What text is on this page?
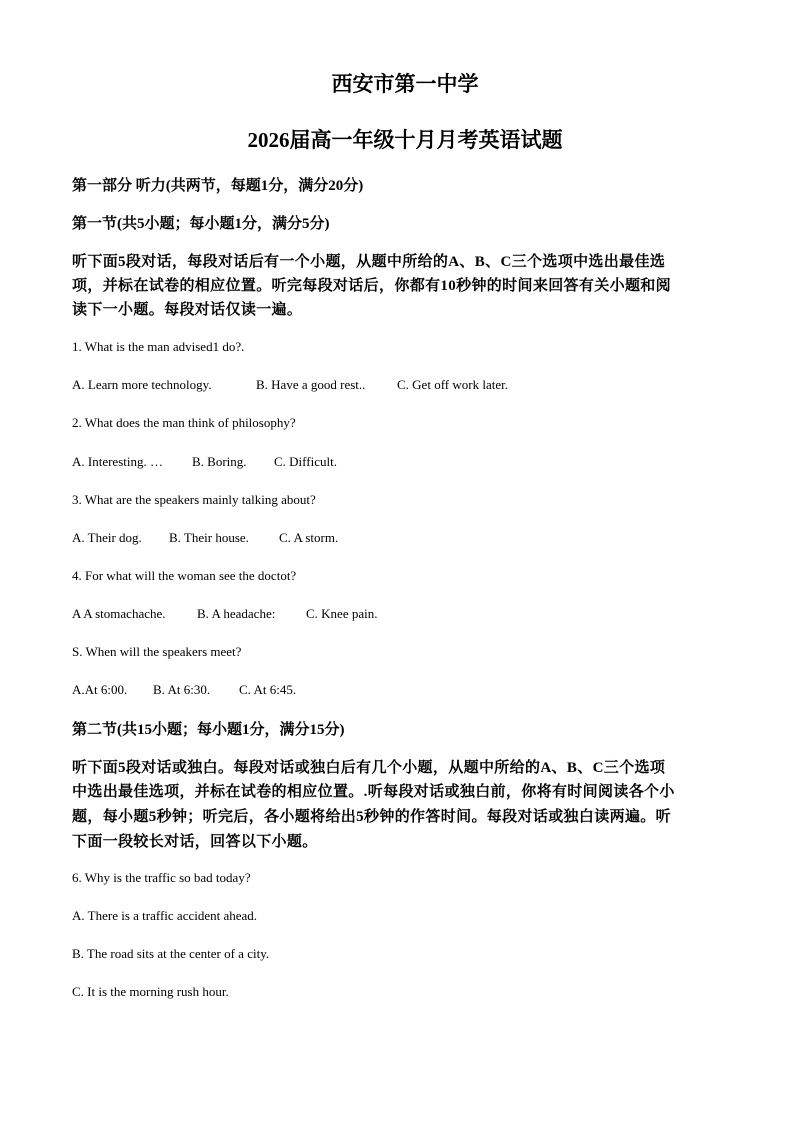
西安市第一中学
2026届高一年级十月月考英语试题
第一部分 听力(共两节，每题1分，满分20分)
第一节(共5小题；每小题1分，满分5分)
听下面5段对话，每段对话后有一个小题，从题中所给的A、B、C三个选项中选出最佳选
项，并标在试卷的相应位置。听完每段对话后，你都有10秒钟的时间来回答有关小题和阅
读下一小题。每段对话仅读一遍。
1. What is the man advised1 do?.
A. Learn more technology.	B. Have a good rest.. C. Get off work later.
2. What does the man think of philosophy?
A. Interesting. … B. Boring. C. Difficult.
3. What are the speakers mainly talking about?
A. Their dog. B. Their house. C. A storm.
4. For what will the woman see the doctot?
A A stomachache. B. A headache: C. Knee pain.
S. When will the speakers meet?
A.At 6:00. B. At 6:30. C. At 6:45.
第二节(共15小题；每小题1分，满分15分)
听下面5段对话或独白。每段对话或独白后有几个小题，从题中所给的A、B、C三个选项
中选出最佳选项，并标在试卷的相应位置。.听每段对话或独白前，你将有时间阅读各个小
题，每小题5秒钟；听完后，各小题将给出5秒钟的作答时间。每段对话或独白读两遍。听
下面一段较长对话，回答以下小题。
6. Why is the traffic so bad today?
A. There is a traffic accident ahead.
B. The road sits at the center of a city.
C. It is the morning rush hour.
